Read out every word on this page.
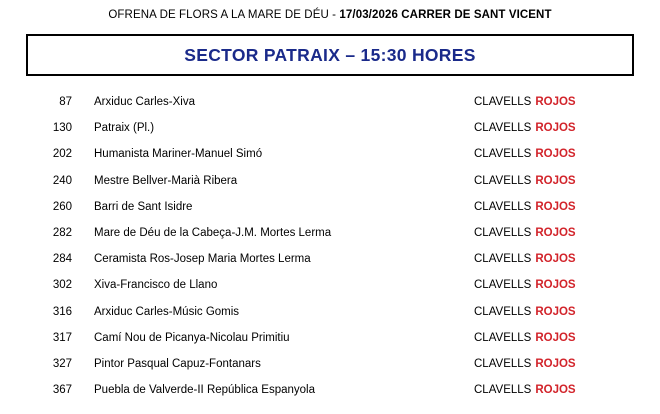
OFRENA DE FLORS A LA MARE DE DÉU - 17/03/2026 CARRER DE SANT VICENT
SECTOR PATRAIX – 15:30 HORES
87	Arxiduc Carles-Xiva	CLAVELLS ROJOS
130	Patraix (Pl.)	CLAVELLS ROJOS
202	Humanista Mariner-Manuel Simó	CLAVELLS ROJOS
240	Mestre Bellver-Marià Ribera	CLAVELLS ROJOS
260	Barri de Sant Isidre	CLAVELLS ROJOS
282	Mare de Déu de la Cabeça-J.M. Mortes Lerma	CLAVELLS ROJOS
284	Ceramista Ros-Josep Maria Mortes Lerma	CLAVELLS ROJOS
302	Xiva-Francisco de Llano	CLAVELLS ROJOS
316	Arxiduc Carles-Músic Gomis	CLAVELLS ROJOS
317	Camí Nou de Picanya-Nicolau Primitiu	CLAVELLS ROJOS
327	Pintor Pasqual Capuz-Fontanars	CLAVELLS ROJOS
367	Puebla de Valverde-II República Espanyola	CLAVELLS ROJOS
